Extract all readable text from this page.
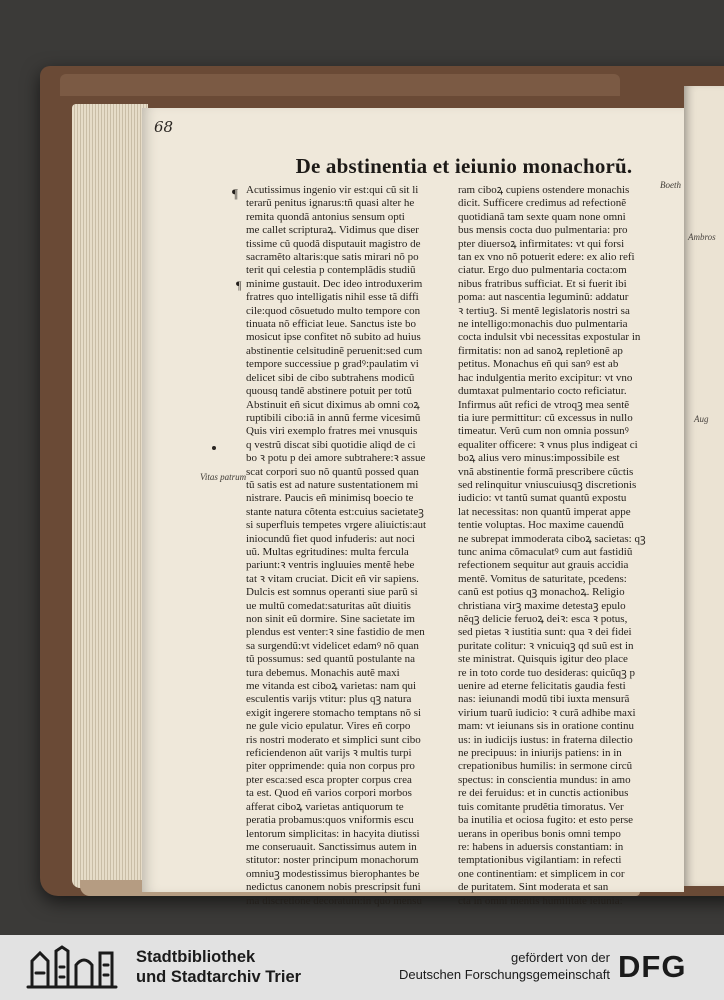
68
De abstinentia et ieiunio monachorũ.
¶
¶

Acutissimus ingenio vir est:qui cũ sit li

terarũ penitus ignarus:tñ quasi alter he

remita quondã antonius sensum opti

me callet scripturaꝝ. Vidimus que diser

tissime cũ quodã disputauit magistro de

sacramẽto altaris:que satis mirari nõ po

terit qui celestia p contemplãdis studiũ

minime gustauit. Dec ideo introduxerim

fratres quo intelligatis nihil esse tã diffi

cile:quod cõsuetudo multo tempore con

tinuata nõ efficiat leue. Sanctus iste bo

mosicut ipse confitet nõ subito ad huius

abstinentie celsitudinẽ peruenit:sed cum

tempore successiue p gradꝰ:paulatim vi

delicet sibi de cibo subtrahens modicũ

quousq tandẽ abstinere potuit per totũ

Abstinuit eñ sicut diximus ab omni coꝝ

ruptibili cibo:iã in annũ ferme vicesimũ

Quis viri exemplo fratres mei vnusquis

q vestrũ discat sibi quotidie aliqd de ci

bo ꝛ potu p dei amore subtrahere:ꝛ assue

scat corpori suo nõ quantũ possed quan

tũ satis est ad nature sustentationem mi

nistrare. Paucis eñ minimisq boecio te

stante natura cõtenta est:cuius sacietateꝫ

si superfluis tempetes vrgere aliuictis:aut

iniocundũ fiet quod infuderis: aut noci

uũ. Multas egritudines: multa fercula

pariunt:ꝛ ventris ingluuies mentẽ hebe

tat ꝛ vitam cruciat. Dicit eñ vir sapiens.

Dulcis est somnus operanti siue parũ si

ue multũ comedat:saturitas aũt diuitis

non sinit eũ dormire. Sine sacietate im

plendus est venter:ꝛ sine fastidio de men

sa surgendũ:vt videlicet edamꝰ nõ quan

tũ possumus: sed quantũ postulante na

tura debemus. Monachis autẽ maxi

me vitanda est ciboꝝ varietas: nam qui

esculentis varijs vtitur: plus qꝫ natura

exigit ingerere stomacho temptans nõ si

ne gule vicio epulatur. Vires eñ corpo

ris nostri moderato et simplici sunt cibo

reficiendenon aũt varijs ꝛ multis turpi

piter opprimende: quia non corpus pro

pter esca:sed esca propter corpus crea

ta est. Quod eñ varios corpori morbos

afferat ciboꝝ varietas antiquorum te

peratia probamus:quos vniformis escu

lentorum simplicitas: in hacyita diutissi

me conseruauit. Sanctissimus autem in

stitutor: noster principum monachorum

omniuꝫ modestissimus bierophantes be

nedictus canonem nobis prescripsit funi

ma discretione decoratum:in quo mensu

ram ciboꝝ cupiens ostendere monachis

dicit. Sufficere credimus ad refectionẽ

quotidianã tam sexte quam none omni

bus mensis cocta duo pulmentaria: pro

pter diuersoꝝ infirmitates: vt qui forsi

tan ex vno nõ potuerit edere: ex alio refi

ciatur. Ergo duo pulmentaria cocta:om

nibus fratribus sufficiat. Et si fuerit ibi

poma: aut nascentia leguminũ: addatur

ꝛ tertiuꝫ. Si mentẽ legislatoris nostri sa

ne intelligo:monachis duo pulmentaria

cocta indulsit vbi necessitas expostular in

firmitatis: non ad sanoꝝ repletionẽ ap

petitus. Monachus eñ qui sanꝰ est ab

hac indulgentia merito excipitur: vt vno

dumtaxat pulmentario cocto reficiatur.

Infirmus aũt refici de vtroqꝫ mea sentẽ

tia iure permittitur: cũ excessus in nullo

timeatur. Verũ cum non omnia possunꝰ

equaliter officere: ꝛ vnus plus indigeat ci

boꝝ alius vero minus:impossibile est

vnã abstinentie formã prescribere cũctis

sed relinquitur vniuscuiusqꝫ discretionis

iudicio: vt tantũ sumat quantũ expostu

lat necessitas: non quantũ imperat appe

tentie voluptas. Hoc maxime cauendũ

ne subrepat immoderata ciboꝝ sacietas: qꝫ

tunc anima cõmaculatꝰ cum aut fastidiũ

refectionem sequitur aut grauis accidia

mentẽ. Vomitus de saturitate, pcedens:

canũ est potius qꝫ monachoꝝ. Religio

christiana virꝫ maxime detestaꝫ epulo

nẽqꝫ delicie feruoꝝ deiꝛ: esca ꝛ potus,

sed pietas ꝛ iustitia sunt: qua ꝛ dei fidei

puritate colitur: ꝛ vnicuiqꝫ qd suũ est in

ste ministrat. Quisquis igitur deo place

re in toto corde tuo desideras: quicũqꝫ p

uenire ad eterne felicitatis gaudia festi

nas: ieiunandi modũ tibi iuxta mensurã

virium tuarũ iudicio: ꝛ curã adhibe maxi

mam: vt ieiunans sis in oratione continu

us: in iudicijs iustus: in fraterna dilectio

ne precipuus: in iniurijs patiens: in in

crepationibus humilis: in sermone circũ

spectus: in conscientia mundus: in amo

re dei feruidus: et in cunctis actionibus

tuis comitante prudẽtia timoratus. Ver

ba inutilia et ociosa fugito: et esto perse

uerans in operibus bonis omni tempo

re: habens in aduersis constantiam: in

temptationibus vigilantiam: in refecti

one continentiam: et simplicem in cor

de puritatem. Sint moderata et san

cta in omni mentis humilitate ieiunia:

Vitas patrum
Boeth
Ambros
Aug
Stadtbibliothek
und Stadtarchiv Trier
gefördert von der
Deutschen Forschungsgemeinschaft DFG
